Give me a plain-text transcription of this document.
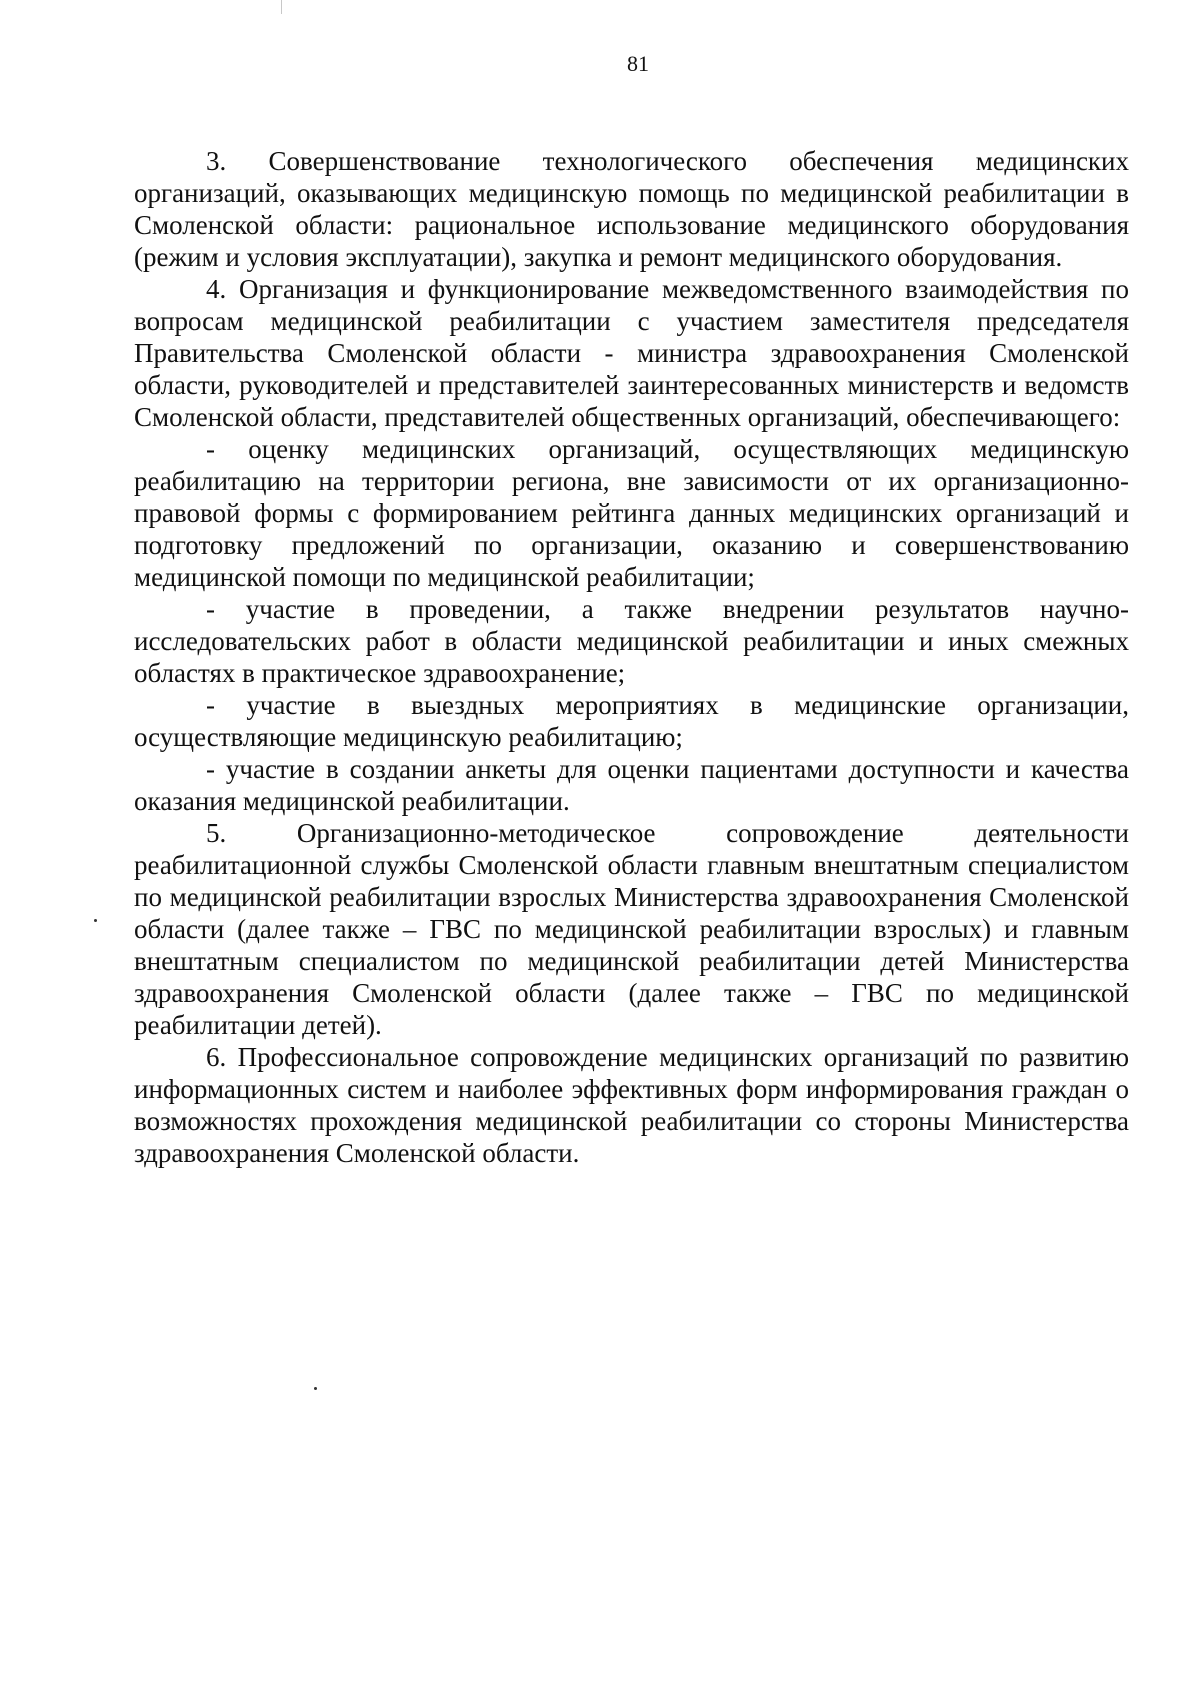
81

3. Совершенствование технологического обеспечения медицинских организаций, оказывающих медицинскую помощь по медицинской реабилитации в Смоленской области: рациональное использование медицинского оборудования (режим и условия эксплуатации), закупка и ремонт медицинского оборудования.

4. Организация и функционирование межведомственного взаимодействия по вопросам медицинской реабилитации с участием заместителя председателя Правительства Смоленской области - министра здравоохранения Смоленской области, руководителей и представителей заинтересованных министерств и ведомств Смоленской области, представителей общественных организаций, обеспечивающего:

- оценку медицинских организаций, осуществляющих медицинскую реабилитацию на территории региона, вне зависимости от их организационно-правовой формы с формированием рейтинга данных медицинских организаций и подготовку предложений по организации, оказанию и совершенствованию медицинской помощи по медицинской реабилитации;

- участие в проведении, а также внедрении результатов научно-исследовательских работ в области медицинской реабилитации и иных смежных областях в практическое здравоохранение;

- участие в выездных мероприятиях в медицинские организации, осуществляющие медицинскую реабилитацию;

- участие в создании анкеты для оценки пациентами доступности и качества оказания медицинской реабилитации.

5. Организационно-методическое сопровождение деятельности реабилитационной службы Смоленской области главным внештатным специалистом по медицинской реабилитации взрослых Министерства здравоохранения Смоленской области (далее также – ГВС по медицинской реабилитации взрослых) и главным внештатным специалистом по медицинской реабилитации детей Министерства здравоохранения Смоленской области (далее также – ГВС по медицинской реабилитации детей).

6. Профессиональное сопровождение медицинских организаций по развитию информационных систем и наиболее эффективных форм информирования граждан о возможностях прохождения медицинской реабилитации со стороны Министерства здравоохранения Смоленской области.
